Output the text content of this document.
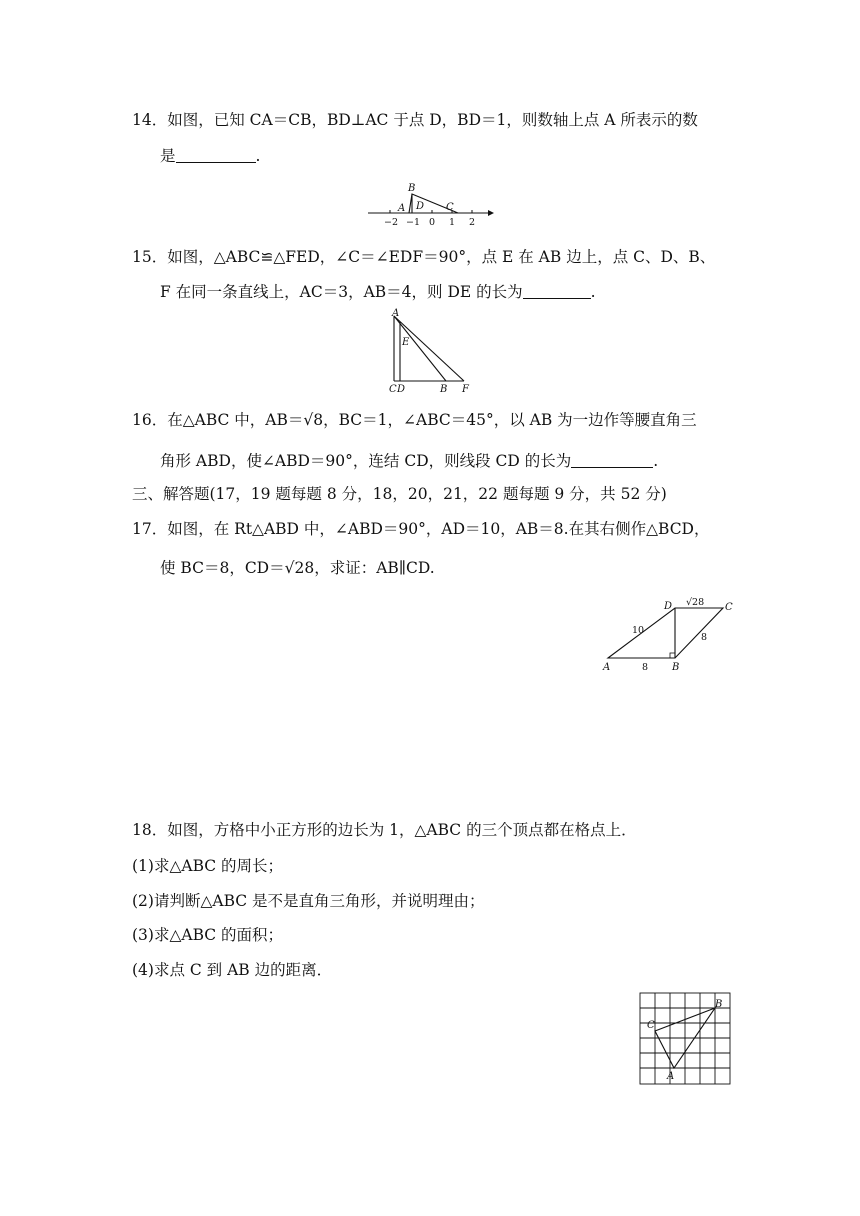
14．如图，已知 CA＝CB，BD⊥AC 于点 D，BD＝1，则数轴上点 A 所表示的数
是	.
B
A D C
−2 −1 0 1 2
15．如图，△ABC≌△FED，∠C＝∠EDF＝90°，点 E 在 AB 边上，点 C、D、B、
F 在同一条直线上，AC＝3，AB＝4，则 DE 的长为	.
A
E
C D	B F
16．在△ABC 中，AB＝√8，BC＝1，∠ABC＝45°，以 AB 为一边作等腰直角三
角形 ABD，使∠ABD＝90°，连结 CD，则线段 CD 的长为	.
三、解答题(17，19 题每题 8 分，18，20，21，22 题每题 9 分，共 52 分)
17．如图，在 Rt△ABD 中，∠ABD＝90°，AD＝10，AB＝8.在其右侧作△BCD，
使 BC＝8，CD＝√28，求证：AB∥CD.
D	C
A	B
10
8
8
√28
18．如图，方格中小正方形的边长为 1，△ABC 的三个顶点都在格点上．
(1)求△ABC 的周长；
(2)请判断△ABC 是不是直角三角形，并说明理由；
(3)求△ABC 的面积；
(4)求点 C 到 AB 边的距离．
B
C
A
